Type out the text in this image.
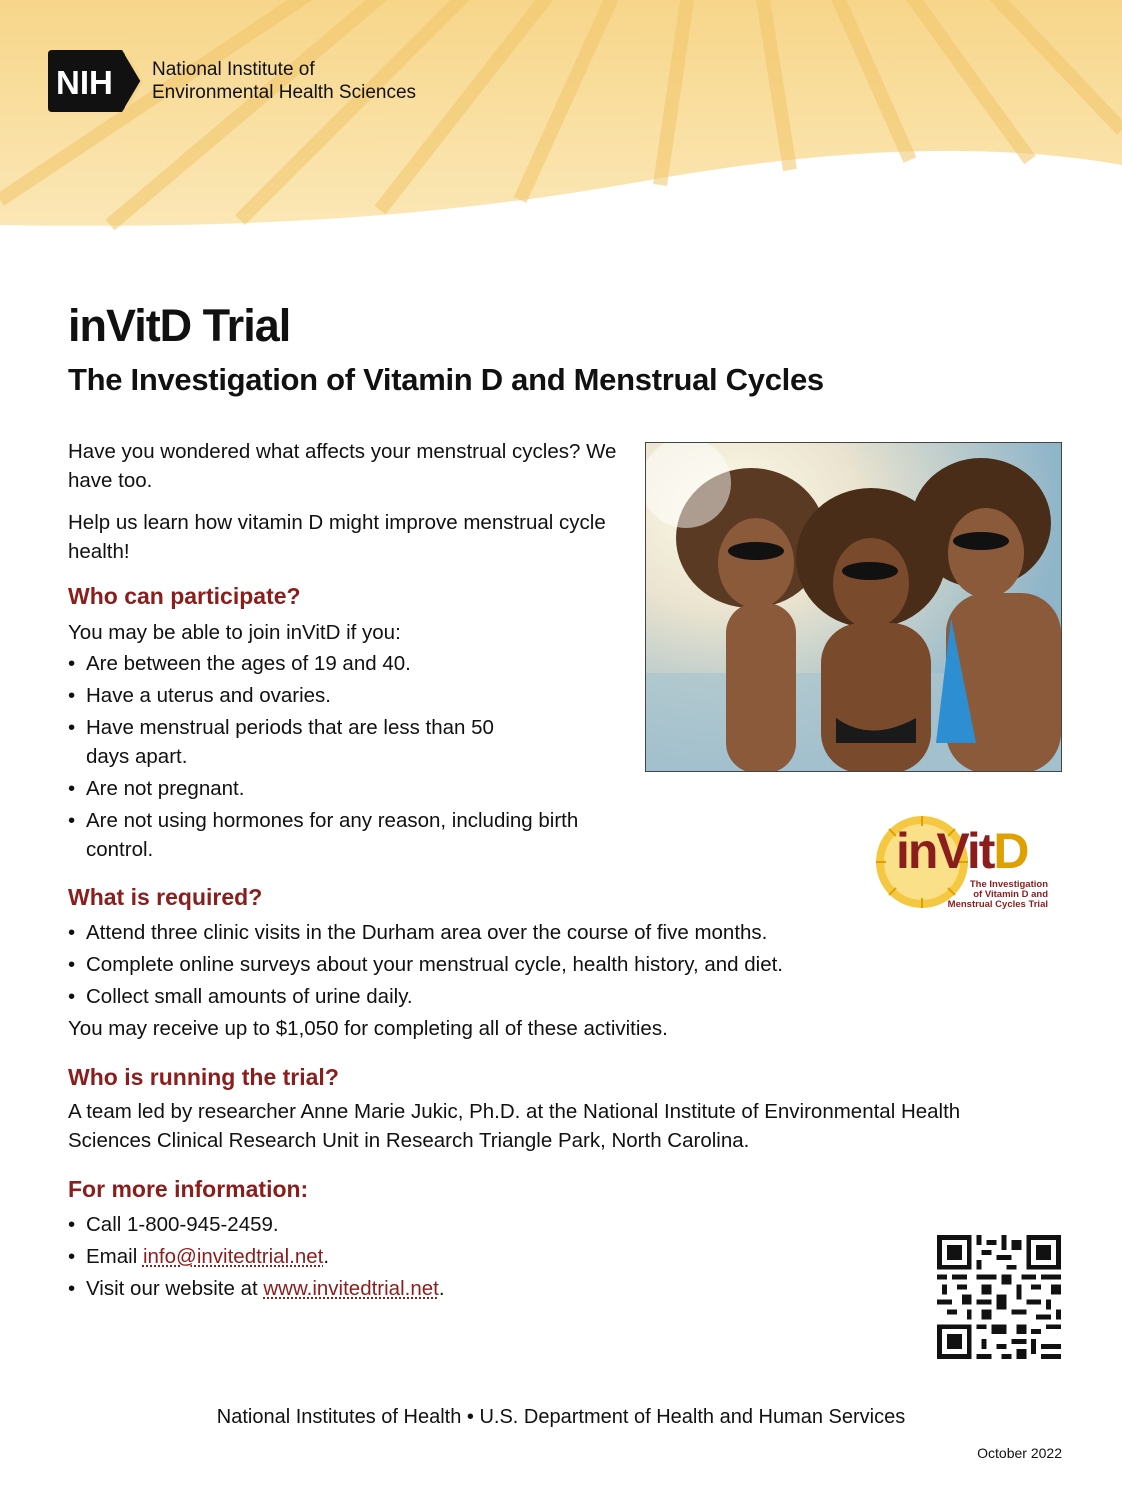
NIH National Institute of
Environmental Health Sciences
inVitD Trial
The Investigation of Vitamin D and Menstrual Cycles

Have you wondered what affects your menstrual cycles? We have too.

Help us learn how vitamin D might improve menstrual cycle health!

Who can participate?

You may be able to join inVitD if you:

• Are between the ages of 19 and 40.
• Have a uterus and ovaries.
• Have menstrual periods that are less than 50 days apart.
• Are not pregnant.
• Are not using hormones for any reason, including birth control.	inVitD
The Investigation
of Vitamin D and
Menstrual Cycles Trial
What is required?
• Attend three clinic visits in the Durham area over the course of five months.
• Complete online surveys about your menstrual cycle, health history, and diet.
• Collect small amounts of urine daily.

You may receive up to $1,050 for completing all of these activities.

Who is running the trial?

A team led by researcher Anne Marie Jukic, Ph.D. at the National Institute of Environmental Health Sciences Clinical Research Unit in Research Triangle Park, North Carolina.

For more information:
• Call 1-800-945-2459.
• Email info@invitedtrial.net.
• Visit our website at www.invitedtrial.net.
National Institutes of Health • U.S. Department of Health and Human Services
October 2022
